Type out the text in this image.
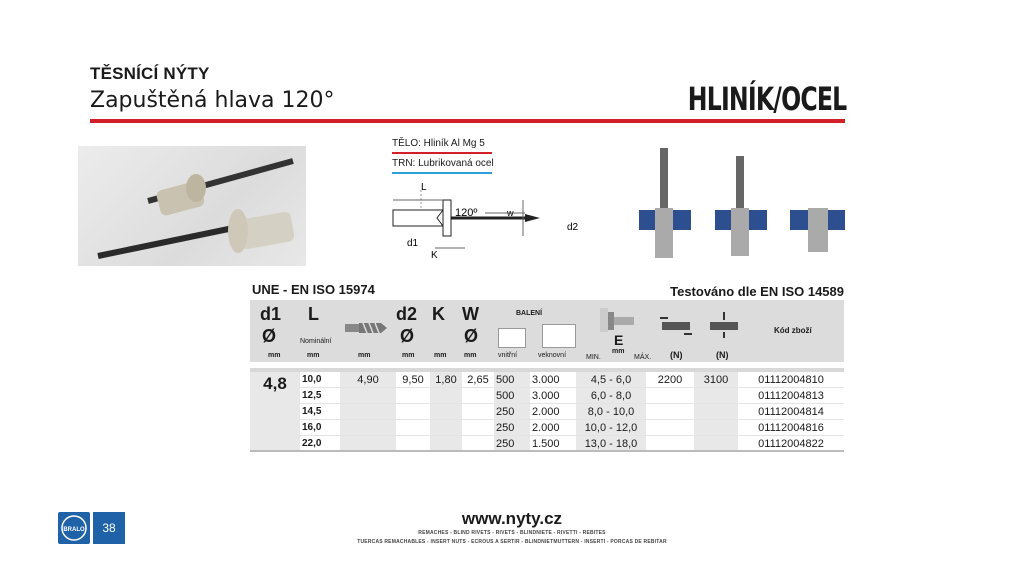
TĚSNÍCÍ NÝTY
Zapuštěná hlava 120°	HLINÍK/OCEL
TĚLO: Hliník Al Mg 5
TRN: Lubrikovaná ocel
L
120º	w
d2
d1
K
UNE - EN ISO 15974	Testováno dle EN ISO 14589
d1
Ø
mm
L
Nominální
mm	mm
d2
Ø
mm
K
mm
W
Ø
mm
BALENÍ
vnitřní	veknovní
E
MIN.
mm
MÁX. (N)	(N)
Kód zboží
4,8	10,0	4,90	9,50	1,80	2,65	500	3.000	4,5 - 6,0	2200	3100	01112004810
	12,5					500	3.000	6,0 - 8,0			01112004813
	14,5					250	2.000	8,0 - 10,0			01112004814
	16,0					250	2.000	10,0 - 12,0			01112004816
	22,0					250	1.500	13,0 - 18,0			01112004822
BRALO	38	www.nyty.cz
REMACHES - BLIND RIVETS - RIVETS - BLINDNIETE - RIVETTI - REBITES
TUERCAS REMACHABLES - INSERT NUTS - ECROUS A SERTIR - BLINDNIETMUTTERN - INSERTI - PORCAS DE REBITAR
